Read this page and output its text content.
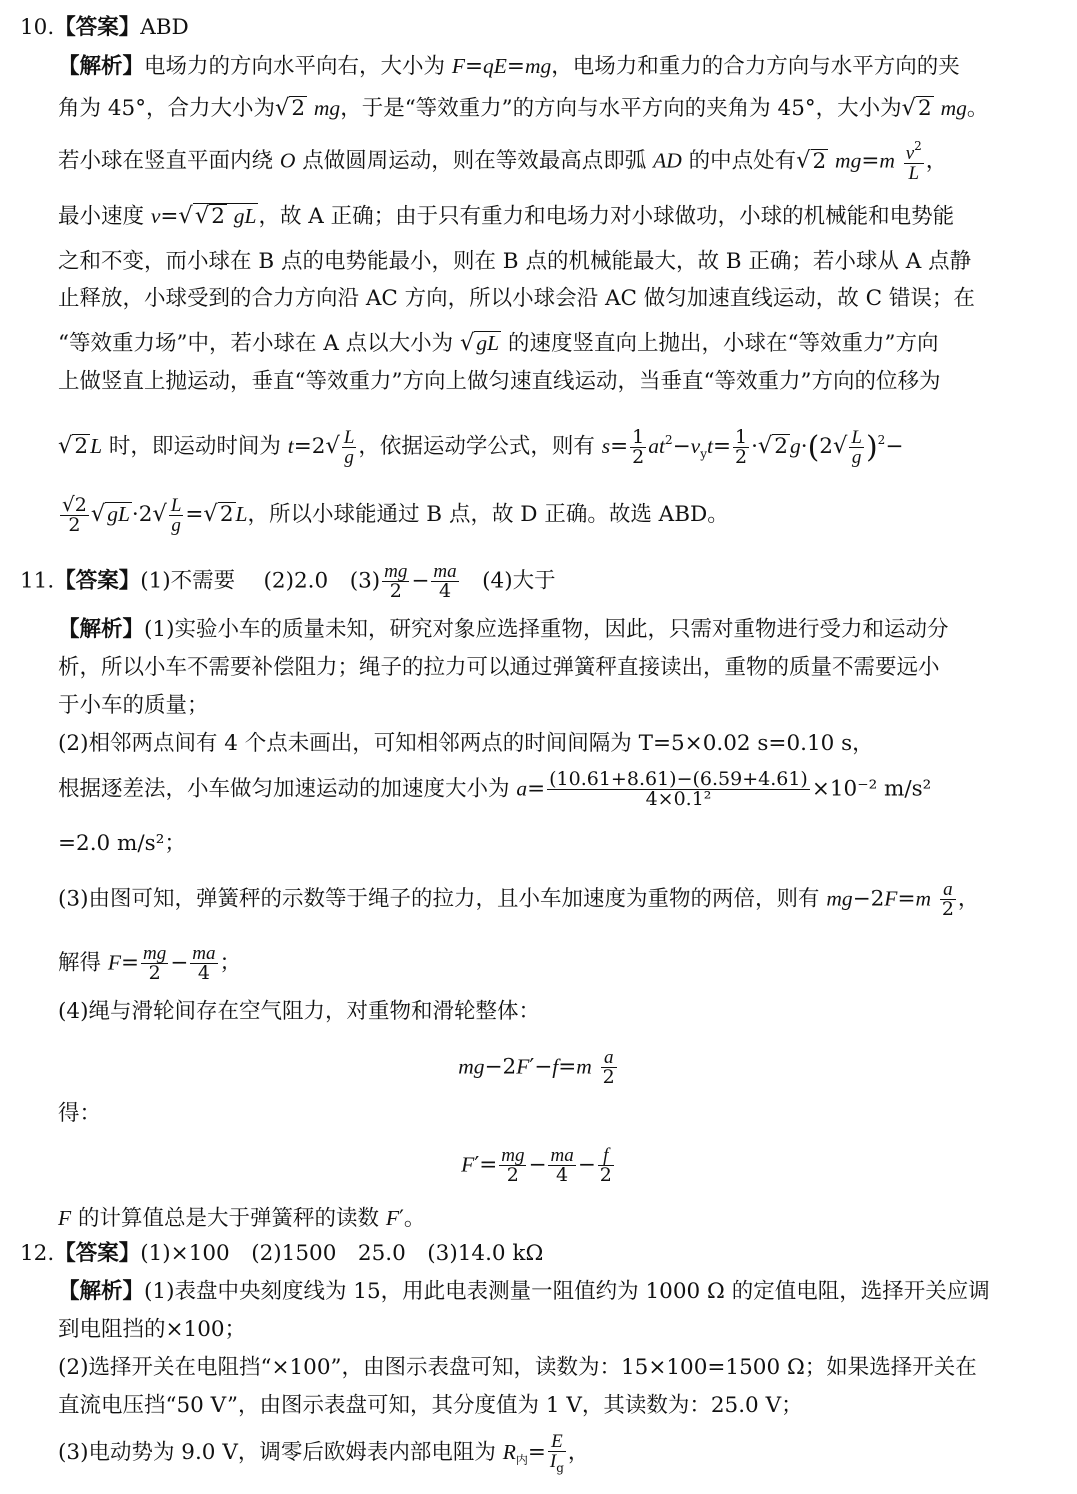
10.【答案】ABD
【解析】电场力的方向水平向右，大小为 F=qE=mg，电场力和重力的合力方向与水平方向的夹
角为 45°，合力大小为√2 mg，于是“等效重力”的方向与水平方向的夹角为 45°，大小为√2 mg。
若小球在竖直平面内绕 O 点做圆周运动，则在等效最高点即弧 AD 的中点处有√2 $mg=m \frac{v^2}{L}$ ，
最小速度 v=√√2 gL，故 A 正确；由于只有重力和电场力对小球做功，小球的机械能和电势能
之和不变，而小球在 B 点的电势能最小，则在 B 点的机械能最大，故 B 正确；若小球从 A 点静
止释放，小球受到的合力方向沿 AC 方向，所以小球会沿 AC 做匀加速直线运动，故 C 错误；在
“等效重力场”中，若小球在 A 点以大小为 √gL 的速度竖直向上抛出，小球在“等效重力”方向
上做竖直上抛运动，垂直“等效重力”方向上做匀速直线运动，当垂直“等效重力”方向的位移为
√2L 时，即运动时间为 $t=2√ \frac{L}{g}$ ，依据运动学公式，则有 $s= \frac{1}{2} at^2-v_yt= \frac{1}{2} \cdot√2g\cdot(2√ \frac{L}{g} )^2-$
$\frac{√2}{2} √gL\cdot 2√ \frac{L}{g} =√2L$，所以小球能通过 B 点，故 D 正确。故选 ABD。
11.【答案】(1)不需要　 (2)2.0　 $(3) \frac{mg}{2} - \frac{ma}{4}$
　 (4)大于
【解析】(1)实验小车的质量未知，研究对象应选择重物，因此，只需对重物进行受力和运动分
析，所以小车不需要补偿阻力；绳子的拉力可以通过弹簧秤直接读出，重物的质量不需要远小
于小车的质量；
(2)相邻两点间有 4 个点未画出，可知相邻两点的时间间隔为 T=5×0.02 s=0.10 s，
根据逐差法，小车做匀加速运动的加速度大小为 $a= \frac{(10.61+8.61)-(6.59+4.61)}{\text{4×0.1²}} \times 10^{-2}$ m/s²
=2.0 m/s²；
(3)由图可知，弹簧秤的示数等于绳子的拉力，且小车加速度为重物的两倍，则有 $mg-2F=m \frac{a}{2}$ ，
解得 $F= \frac{mg}{2} - \frac{ma}{4}$ ；
(4)绳与滑轮间存在空气阻力，对重物和滑轮整体：
$mg-2F'-f=m \frac{a}{2}$
得：
$F'= \frac{mg}{2} - \frac{ma}{4} - \frac{f}{2}$
F 的计算值总是大于弹簧秤的读数 F′。
12.【答案】(1)×100　(2)1500　25.0　(3)14.0 kΩ
【解析】(1)表盘中央刻度线为 15，用此电表测量一阻值约为 1000 Ω 的定值电阻，选择开关应调
到电阻挡的×100；
(2)选择开关在电阻挡“×100”，由图示表盘可知，读数为：15×100=1500 Ω；如果选择开关在
直流电压挡“50 V”，由图示表盘可知，其分度值为 1 V，其读数为：25.0 V；
(3)电动势为 9.0 V，调零后欧姆表内部电阻为 $R_内= \frac{E}{I_g}$ ，
